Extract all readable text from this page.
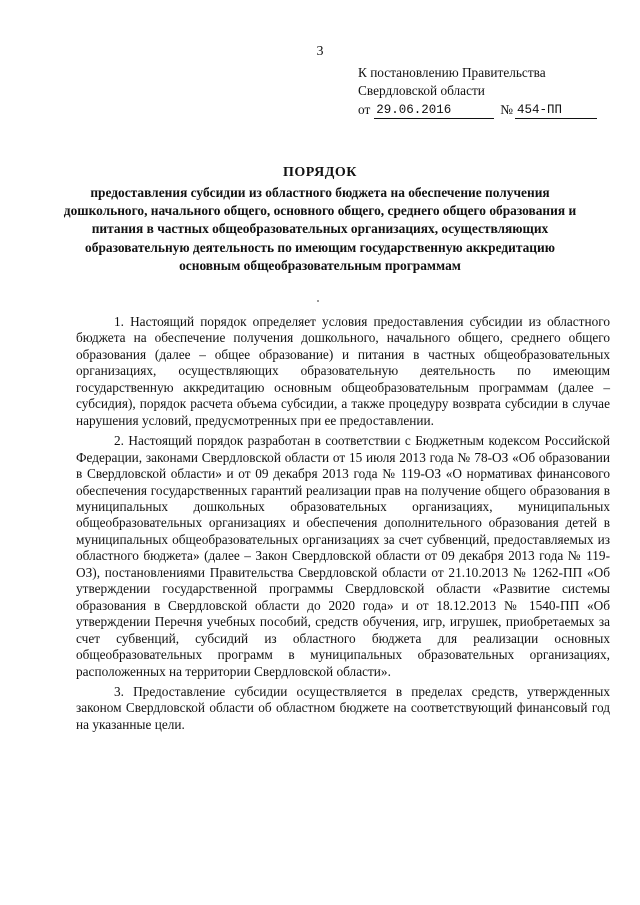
3
К постановлению Правительства
Свердловской области
от 29.06.2016	№ 454-ПП
ПОРЯДОК
предоставления субсидии из областного бюджета на обеспечение получения дошкольного, начального общего, основного общего, среднего общего образования и питания в частных общеобразовательных организациях, осуществляющих образовательную деятельность по имеющим государственную аккредитацию основным общеобразовательным программам

1. Настоящий порядок определяет условия предоставления субсидии из областного бюджета на обеспечение получения дошкольного, начального общего, среднего общего образования (далее – общее образование) и питания в частных общеобразовательных организациях, осуществляющих образовательную деятельность по имеющим государственную аккредитацию основным общеобразовательным программам (далее – субсидия), порядок расчета объема субсидии, а также процедуру возврата субсидии в случае нарушения условий, предусмотренных при ее предоставлении.

2. Настоящий порядок разработан в соответствии с Бюджетным кодексом Российской Федерации, законами Свердловской области от 15 июля 2013 года № 78-ОЗ «Об образовании в Свердловской области» и от 09 декабря 2013 года № 119-ОЗ «О нормативах финансового обеспечения государственных гарантий реализации прав на получение общего образования в муниципальных дошкольных образовательных организациях, муниципальных общеобразовательных организациях и обеспечения дополнительного образования детей в муниципальных общеобразовательных организациях за счет субвенций, предоставляемых из областного бюджета» (далее – Закон Свердловской области от 09 декабря 2013 года № 119-ОЗ), постановлениями Правительства Свердловской области от 21.10.2013 № 1262-ПП «Об утверждении государственной программы Свердловской области «Развитие системы образования в Свердловской области до 2020 года» и от 18.12.2013 № 1540-ПП «Об утверждении Перечня учебных пособий, средств обучения, игр, игрушек, приобретаемых за счет субвенций, субсидий из областного бюджета для реализации основных общеобразовательных программ в муниципальных образовательных организациях, расположенных на территории Свердловской области».

3. Предоставление субсидии осуществляется в пределах средств, утвержденных законом Свердловской области об областном бюджете на соответствующий финансовый год на указанные цели.
